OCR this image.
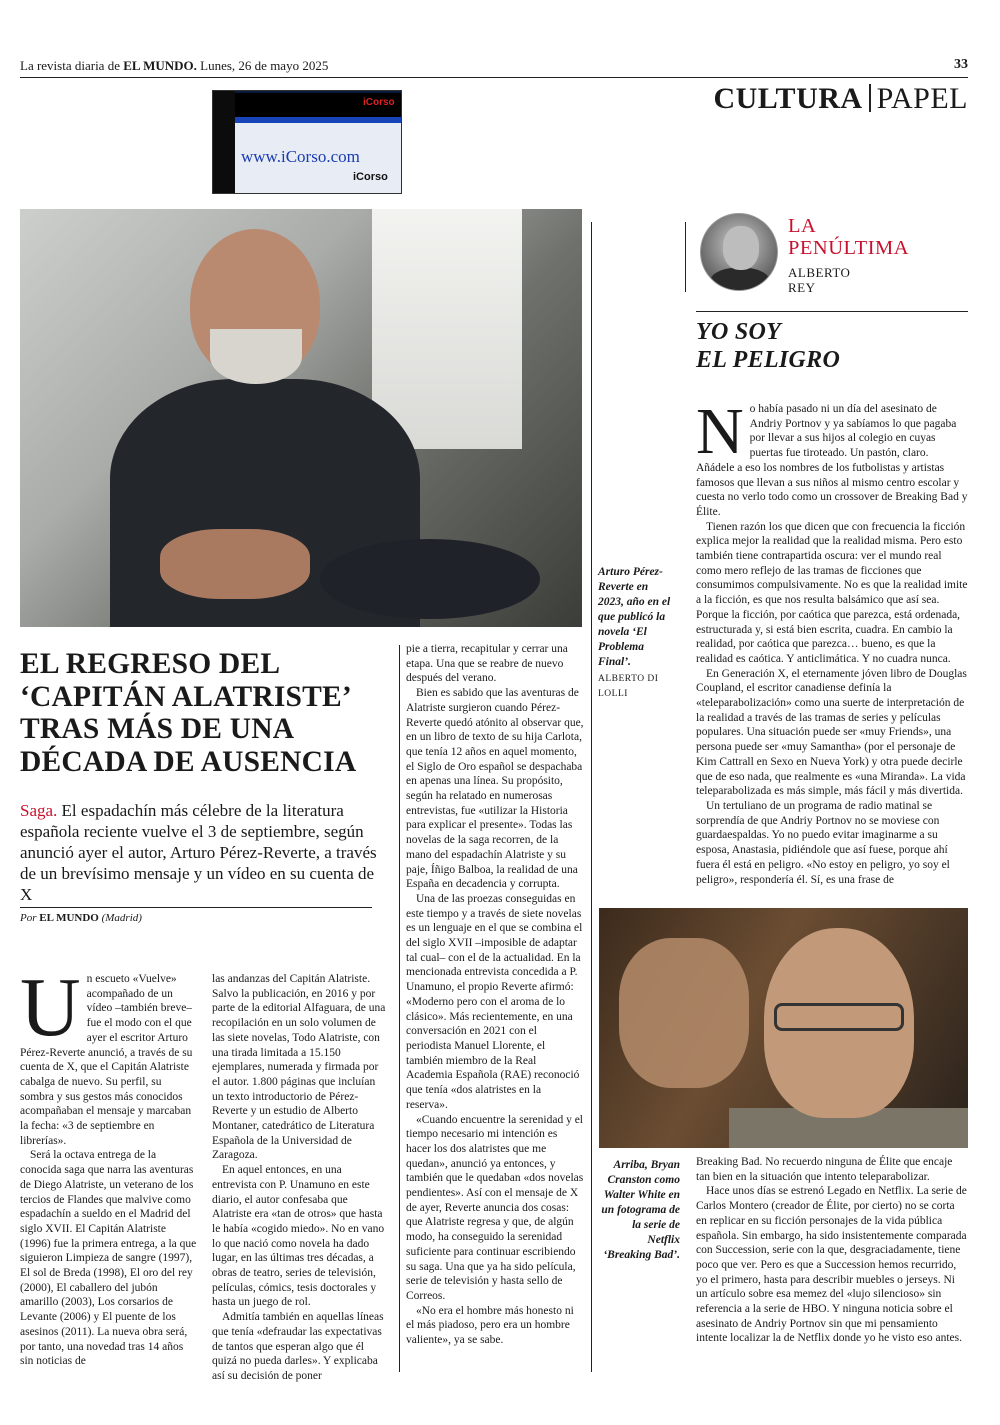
La revista diaria de EL MUNDO. Lunes, 26 de mayo 2025	33
CULTURA PAPEL
iCorso
www.iCorso.com
iCorso
Arturo Pérez-Reverte en 2023, año en el que publicó la novela ‘El Problema Final’.
ALBERTO DI LOLLI
EL REGRESO DEL
‘CAPITÁN ALATRISTE’
TRAS MÁS DE UNA
DÉCADA DE AUSENCIA
Saga. El espadachín más célebre de la literatura española reciente vuelve el 3 de septiembre, según anunció ayer el autor, Arturo Pérez-Reverte, a través de un brevísimo mensaje y un vídeo en su cuenta de X
Por EL MUNDO (Madrid)

Un escueto «Vuelve» acompañado de un vídeo –también breve– fue el modo con el que ayer el escritor Arturo Pérez-Reverte anunció, a través de su cuenta de X, que el Capitán Alatriste cabalga de nuevo. Su perfil, su sombra y sus gestos más conocidos acompañaban el mensaje y marcaban la fecha: «3 de septiembre en librerías».

Será la octava entrega de la conocida saga que narra las aventuras de Diego Alatriste, un veterano de los tercios de Flandes que malvive como espadachín a sueldo en el Madrid del siglo XVII. El Capitán Alatriste (1996) fue la primera entrega, a la que siguieron Limpieza de sangre (1997), El sol de Breda (1998), El oro del rey (2000), El caballero del jubón amarillo (2003), Los corsarios de Levante (2006) y El puente de los asesinos (2011). La nueva obra será, por tanto, una novedad tras 14 años sin noticias de

las andanzas del Capitán Alatriste. Salvo la publicación, en 2016 y por parte de la editorial Alfaguara, de una recopilación en un solo volumen de las siete novelas, Todo Alatriste, con una tirada limitada a 15.150 ejemplares, numerada y firmada por el autor. 1.800 páginas que incluían un texto introductorio de Pérez-Reverte y un estudio de Alberto Montaner, catedrático de Literatura Española de la Universidad de Zaragoza.

En aquel entonces, en una entrevista con P. Unamuno en este diario, el autor confesaba que Alatriste era «tan de otros» que hasta le había «cogido miedo». No en vano lo que nació como novela ha dado lugar, en las últimas tres décadas, a obras de teatro, series de televisión, películas, cómics, tesis doctorales y hasta un juego de rol.

Admitía también en aquellas líneas que tenía «defraudar las expectativas de tantos que esperan algo que él quizá no pueda darles». Y explicaba así su decisión de poner

pie a tierra, recapitular y cerrar una etapa. Una que se reabre de nuevo después del verano.

Bien es sabido que las aventuras de Alatriste surgieron cuando Pérez-Reverte quedó atónito al observar que, en un libro de texto de su hija Carlota, que tenía 12 años en aquel momento, el Siglo de Oro español se despachaba en apenas una línea. Su propósito, según ha relatado en numerosas entrevistas, fue «utilizar la Historia para explicar el presente». Todas las novelas de la saga recorren, de la mano del espadachín Alatriste y su paje, Íñigo Balboa, la realidad de una España en decadencia y corrupta.

Una de las proezas conseguidas en este tiempo y a través de siete novelas es un lenguaje en el que se combina el del siglo XVII –imposible de adaptar tal cual– con el de la actualidad. En la mencionada entrevista concedida a P. Unamuno, el propio Reverte afirmó: «Moderno pero con el aroma de lo clásico». Más recientemente, en una conversación en 2021 con el periodista Manuel Llorente, el también miembro de la Real Academia Española (RAE) reconoció que tenía «dos alatristes en la reserva».

«Cuando encuentre la serenidad y el tiempo necesario mi intención es hacer los dos alatristes que me quedan», anunció ya entonces, y también que le quedaban «dos novelas pendientes». Así con el mensaje de X de ayer, Reverte anuncia dos cosas: que Alatriste regresa y que, de algún modo, ha conseguido la serenidad suficiente para continuar escribiendo su saga. Una que ya ha sido película, serie de televisión y hasta sello de Correos.

«No era el hombre más honesto ni el más piadoso, pero era un hombre valiente», ya se sabe.

LA
PENÚLTIMA
ALBERTO
REY
YO SOY
EL PELIGRO

No había pasado ni un día del asesinato de Andriy Portnov y ya sabíamos lo que pagaba por llevar a sus hijos al colegio en cuyas puertas fue tiroteado. Un pastón, claro. Añádele a eso los nombres de los futbolistas y artistas famosos que llevan a sus niños al mismo centro escolar y cuesta no verlo todo como un crossover de Breaking Bad y Élite.

Tienen razón los que dicen que con frecuencia la ficción explica mejor la realidad que la realidad misma. Pero esto también tiene contrapartida oscura: ver el mundo real como mero reflejo de las tramas de ficciones que consumimos compulsivamente. No es que la realidad imite a la ficción, es que nos resulta balsámico que así sea. Porque la ficción, por caótica que parezca, está ordenada, estructurada y, si está bien escrita, cuadra. En cambio la realidad, por caótica que parezca… bueno, es que la realidad es caótica. Y anticlimática. Y no cuadra nunca.

En Generación X, el eternamente jóven libro de Douglas Coupland, el escritor canadiense definía la «teleparabolización» como una suerte de interpretación de la realidad a través de las tramas de series y películas populares. Una situación puede ser «muy Friends», una persona puede ser «muy Samantha» (por el personaje de Kim Cattrall en Sexo en Nueva York) y otra puede decirle que de eso nada, que realmente es «una Miranda». La vida teleparabolizada es más simple, más fácil y más divertida.

Un tertuliano de un programa de radio matinal se sorprendía de que Andriy Portnov no se moviese con guardaespaldas. Yo no puedo evitar imaginarme a su esposa, Anastasia, pidiéndole que así fuese, porque ahí fuera él está en peligro. «No estoy en peligro, yo soy el peligro», respondería él. Sí, es una frase de

Arriba, Bryan Cranston como Walter White en un fotograma de la serie de Netflix ‘Breaking Bad’.

Breaking Bad. No recuerdo ninguna de Élite que encaje tan bien en la situación que intento teleparabolizar.

Hace unos días se estrenó Legado en Netflix. La serie de Carlos Montero (creador de Élite, por cierto) no se corta en replicar en su ficción personajes de la vida pública española. Sin embargo, ha sido insistentemente comparada con Succession, serie con la que, desgraciadamente, tiene poco que ver. Pero es que a Succession hemos recurrido, yo el primero, hasta para describir muebles o jerseys. Ni un artículo sobre esa memez del «lujo silencioso» sin referencia a la serie de HBO. Y ninguna noticia sobre el asesinato de Andriy Portnov sin que mi pensamiento intente localizar la de Netflix donde yo he visto eso antes.
